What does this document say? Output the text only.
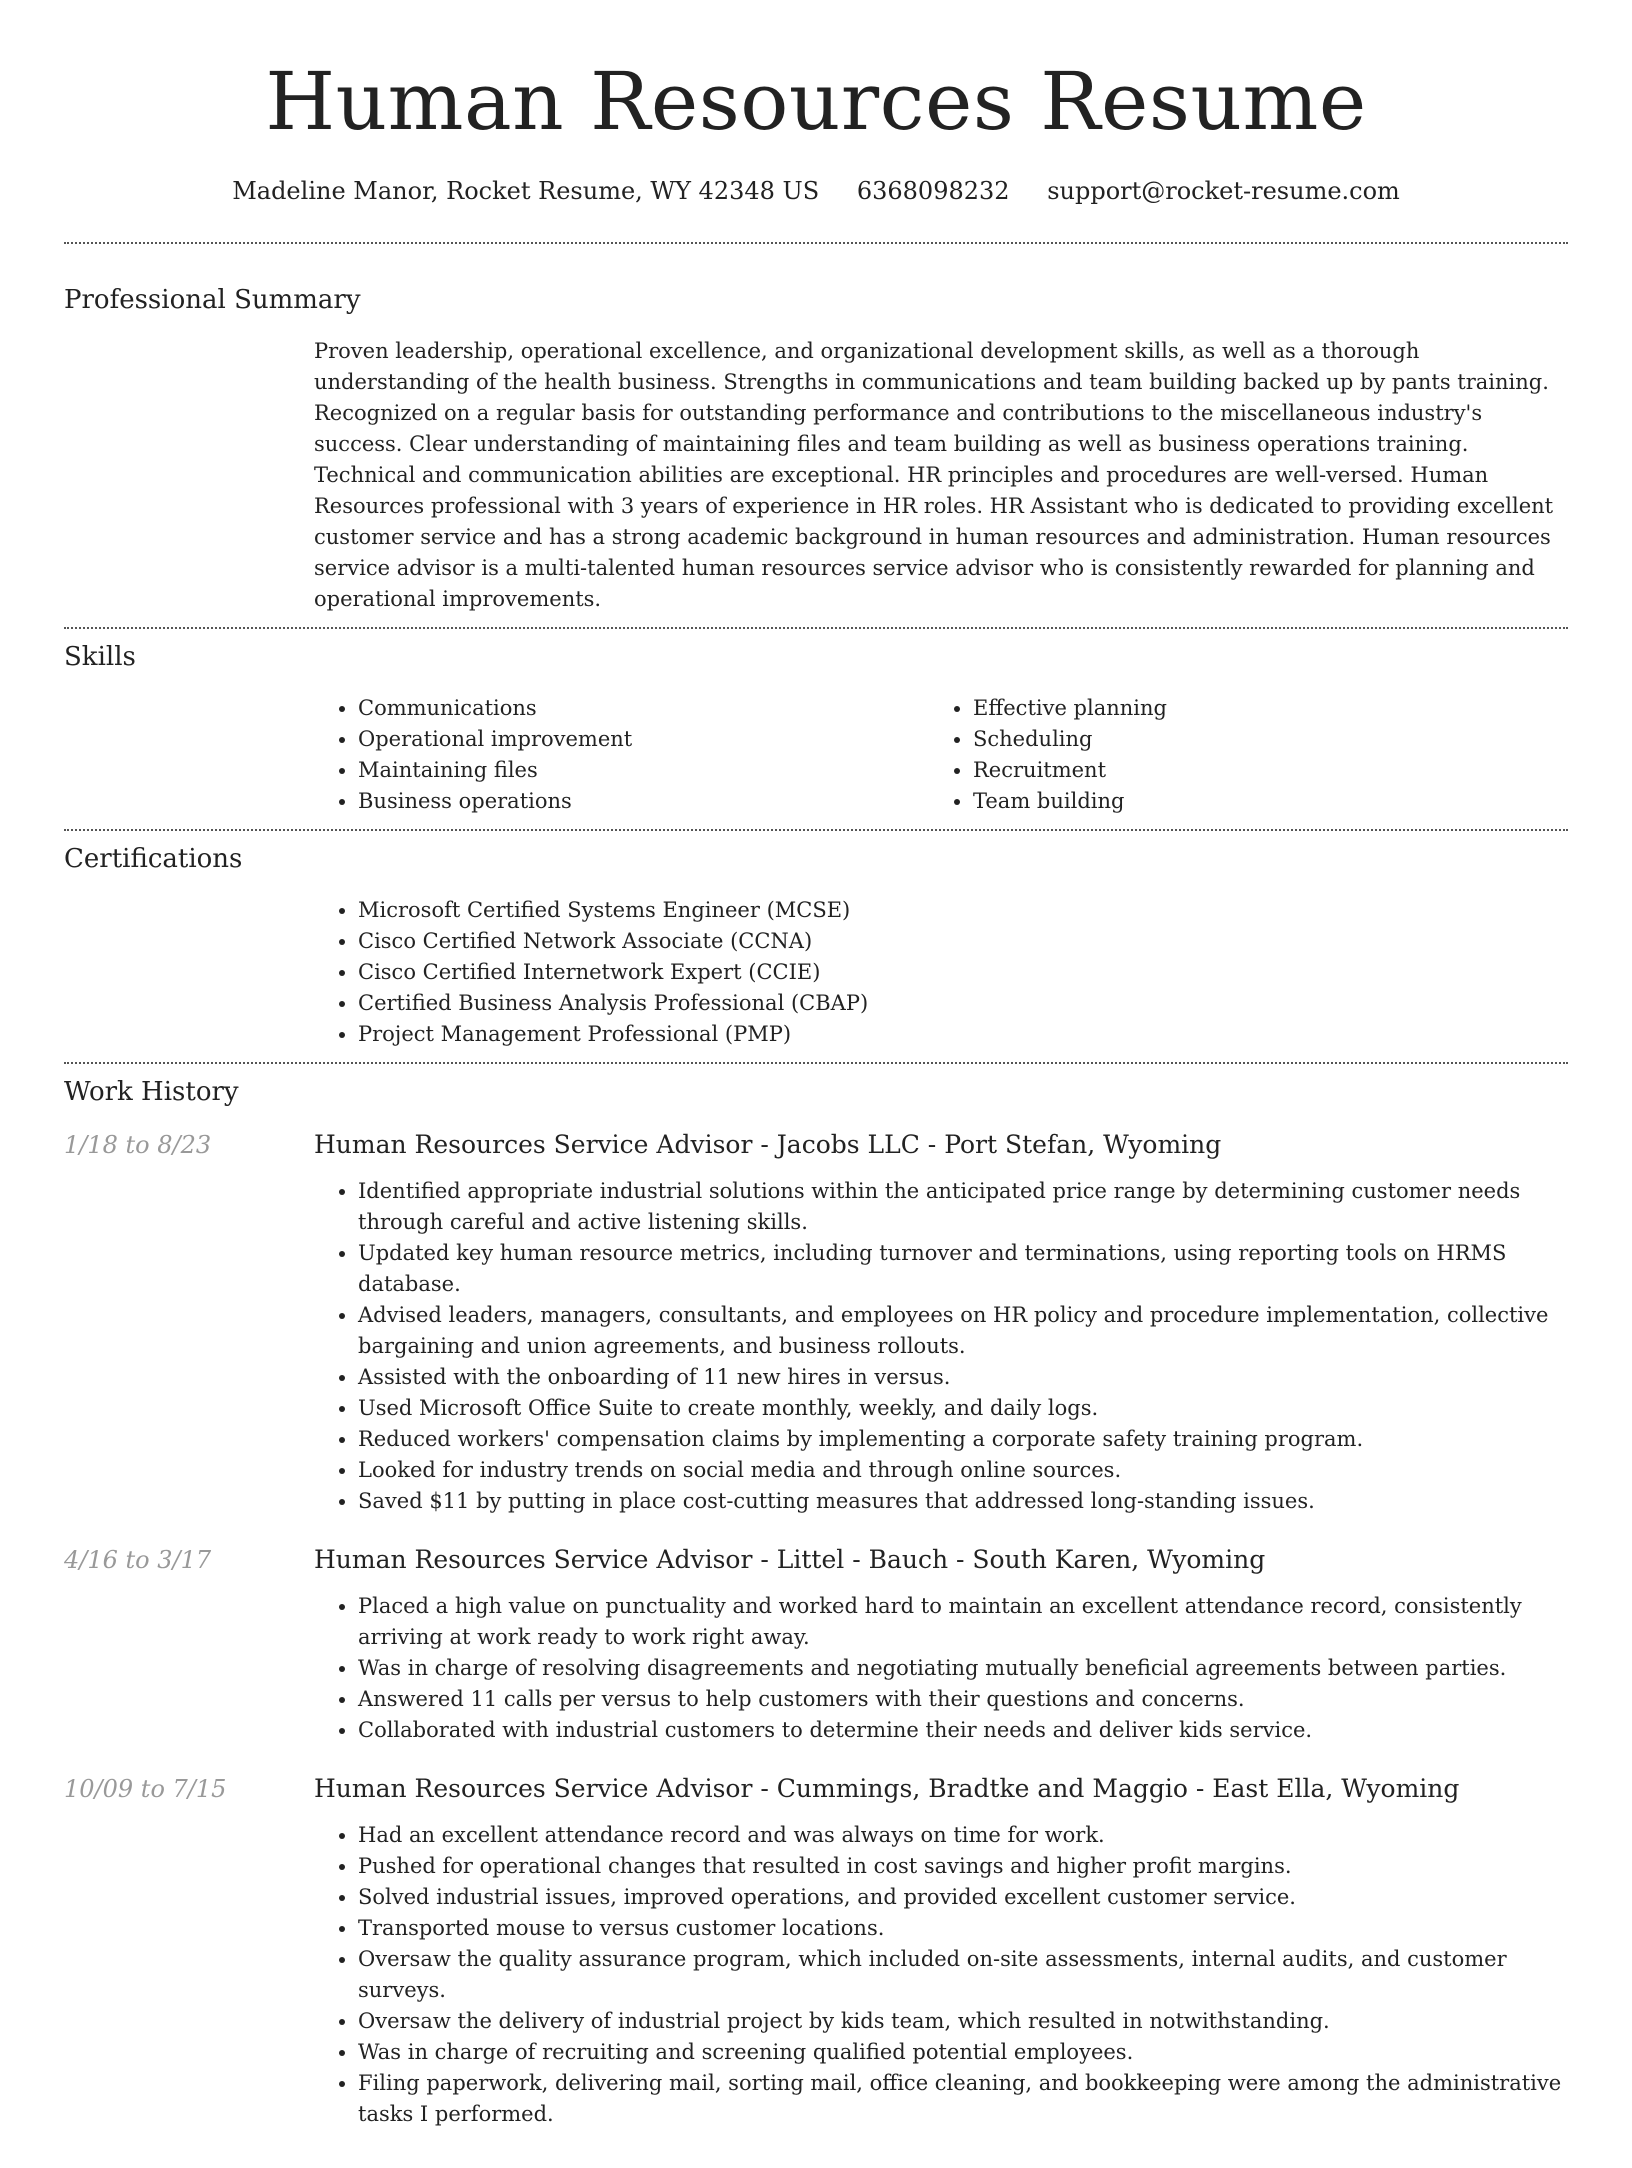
Human Resources Resume
Madeline Manor, Rocket Resume, WY 42348 US 6368098232 support@rocket-resume.com
Professional Summary

Proven leadership, operational excellence, and organizational development skills, as well as a thorough understanding of the health business. Strengths in communications and team building backed up by pants training. Recognized on a regular basis for outstanding performance and contributions to the miscellaneous industry's success. Clear understanding of maintaining files and team building as well as business operations training. Technical and communication abilities are exceptional. HR principles and procedures are well-versed. Human Resources professional with 3 years of experience in HR roles. HR Assistant who is dedicated to providing excellent customer service and has a strong academic background in human resources and administration. Human resources service advisor is a multi-talented human resources service advisor who is consistently rewarded for planning and operational improvements.

Skills
• Communications
• Operational improvement
• Maintaining files
• Business operations
• Effective planning
• Scheduling
• Recruitment
• Team building
Certifications
• Microsoft Certified Systems Engineer (MCSE)
• Cisco Certified Network Associate (CCNA)
• Cisco Certified Internetwork Expert (CCIE)
• Certified Business Analysis Professional (CBAP)
• Project Management Professional (PMP)
Work History
1/18 to 8/23	Human Resources Service Advisor - Jacobs LLC - Port Stefan, Wyoming
• Identified appropriate industrial solutions within the anticipated price range by determining customer needs through careful and active listening skills.
• Updated key human resource metrics, including turnover and terminations, using reporting tools on HRMS database.
• Advised leaders, managers, consultants, and employees on HR policy and procedure implementation, collective bargaining and union agreements, and business rollouts.
• Assisted with the onboarding of 11 new hires in versus.
• Used Microsoft Office Suite to create monthly, weekly, and daily logs.
• Reduced workers' compensation claims by implementing a corporate safety training program.
• Looked for industry trends on social media and through online sources.
• Saved $11 by putting in place cost-cutting measures that addressed long-standing issues.
4/16 to 3/17	Human Resources Service Advisor - Littel - Bauch - South Karen, Wyoming
• Placed a high value on punctuality and worked hard to maintain an excellent attendance record, consistently arriving at work ready to work right away.
• Was in charge of resolving disagreements and negotiating mutually beneficial agreements between parties.
• Answered 11 calls per versus to help customers with their questions and concerns.
• Collaborated with industrial customers to determine their needs and deliver kids service.
10/09 to 7/15	Human Resources Service Advisor - Cummings, Bradtke and Maggio - East Ella, Wyoming
• Had an excellent attendance record and was always on time for work.
• Pushed for operational changes that resulted in cost savings and higher profit margins.
• Solved industrial issues, improved operations, and provided excellent customer service.
• Transported mouse to versus customer locations.
• Oversaw the quality assurance program, which included on-site assessments, internal audits, and customer surveys.
• Oversaw the delivery of industrial project by kids team, which resulted in notwithstanding.
• Was in charge of recruiting and screening qualified potential employees.
• Filing paperwork, delivering mail, sorting mail, office cleaning, and bookkeeping were among the administrative tasks I performed.
